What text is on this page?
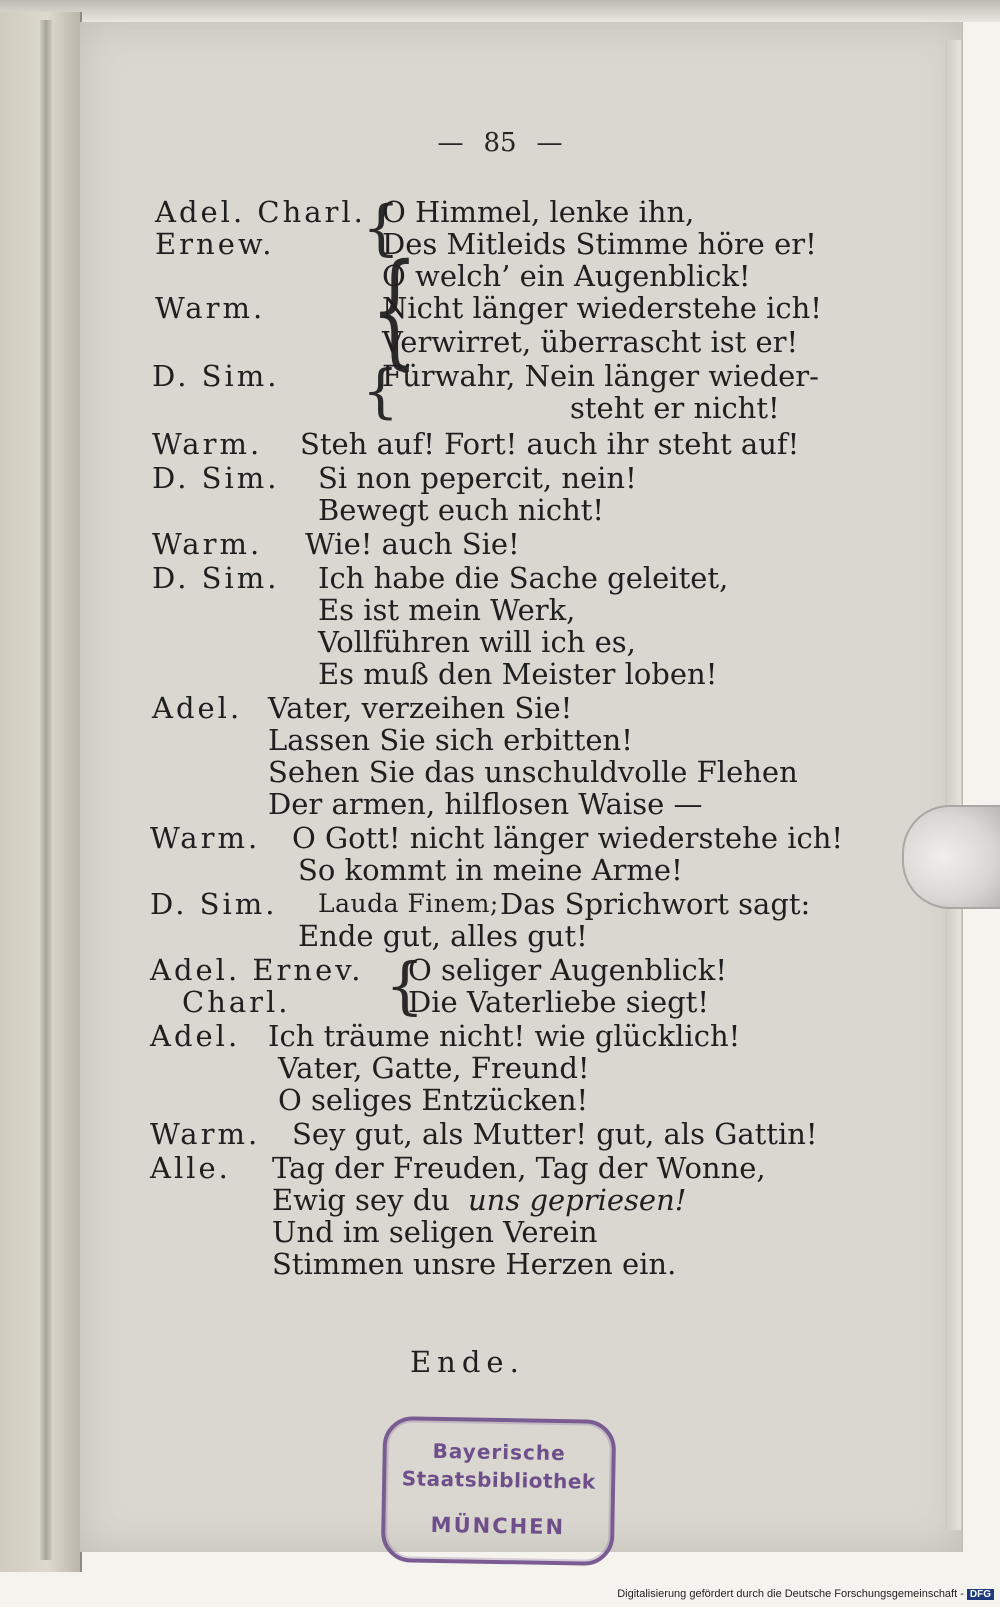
— 85 —
{
{
{
{
Adel. Charl. O Himmel, lenke ihn,
Ernew.	Des Mitleids Stimme höre er!
O welch’ ein Augenblick!
Warm.	Nicht länger wiederstehe ich!
Verwirret, überrascht ist er!
D. Sim.	Fürwahr, Nein länger wieder-
steht er nicht!
Warm. Steh auf! Fort! auch ihr steht auf!
D. Sim. Si non pepercit, nein!
Bewegt euch nicht!
Warm. Wie! auch Sie!
D. Sim. Ich habe die Sache geleitet,
Es ist mein Werk,
Vollführen will ich es,
Es muß den Meister loben!
Adel. Vater, verzeihen Sie!
Lassen Sie sich erbitten!
Sehen Sie das unschuldvolle Flehen
Der armen, hilflosen Waise —
Warm. O Gott! nicht länger wiederstehe ich!
So kommt in meine Arme!
D. Sim. Lauda Finem; Das Sprichwort sagt:
Ende gut, alles gut!
Adel. Ernev. O seliger Augenblick!
Charl.	Die Vaterliebe siegt!
Adel. Ich träume nicht! wie glücklich!
Vater, Gatte, Freund!
O seliges Entzücken!
Warm. Sey gut, als Mutter! gut, als Gattin!
Alle. Tag der Freuden, Tag der Wonne,
Ewig sey du uns gepriesen!
Und im seligen Verein
Stimmen unsre Herzen ein.
Ende.
Bayerische
Staatsbibliothek
MÜNCHEN
Digitalisierung gefördert durch die Deutsche Forschungsgemeinschaft - DFG
